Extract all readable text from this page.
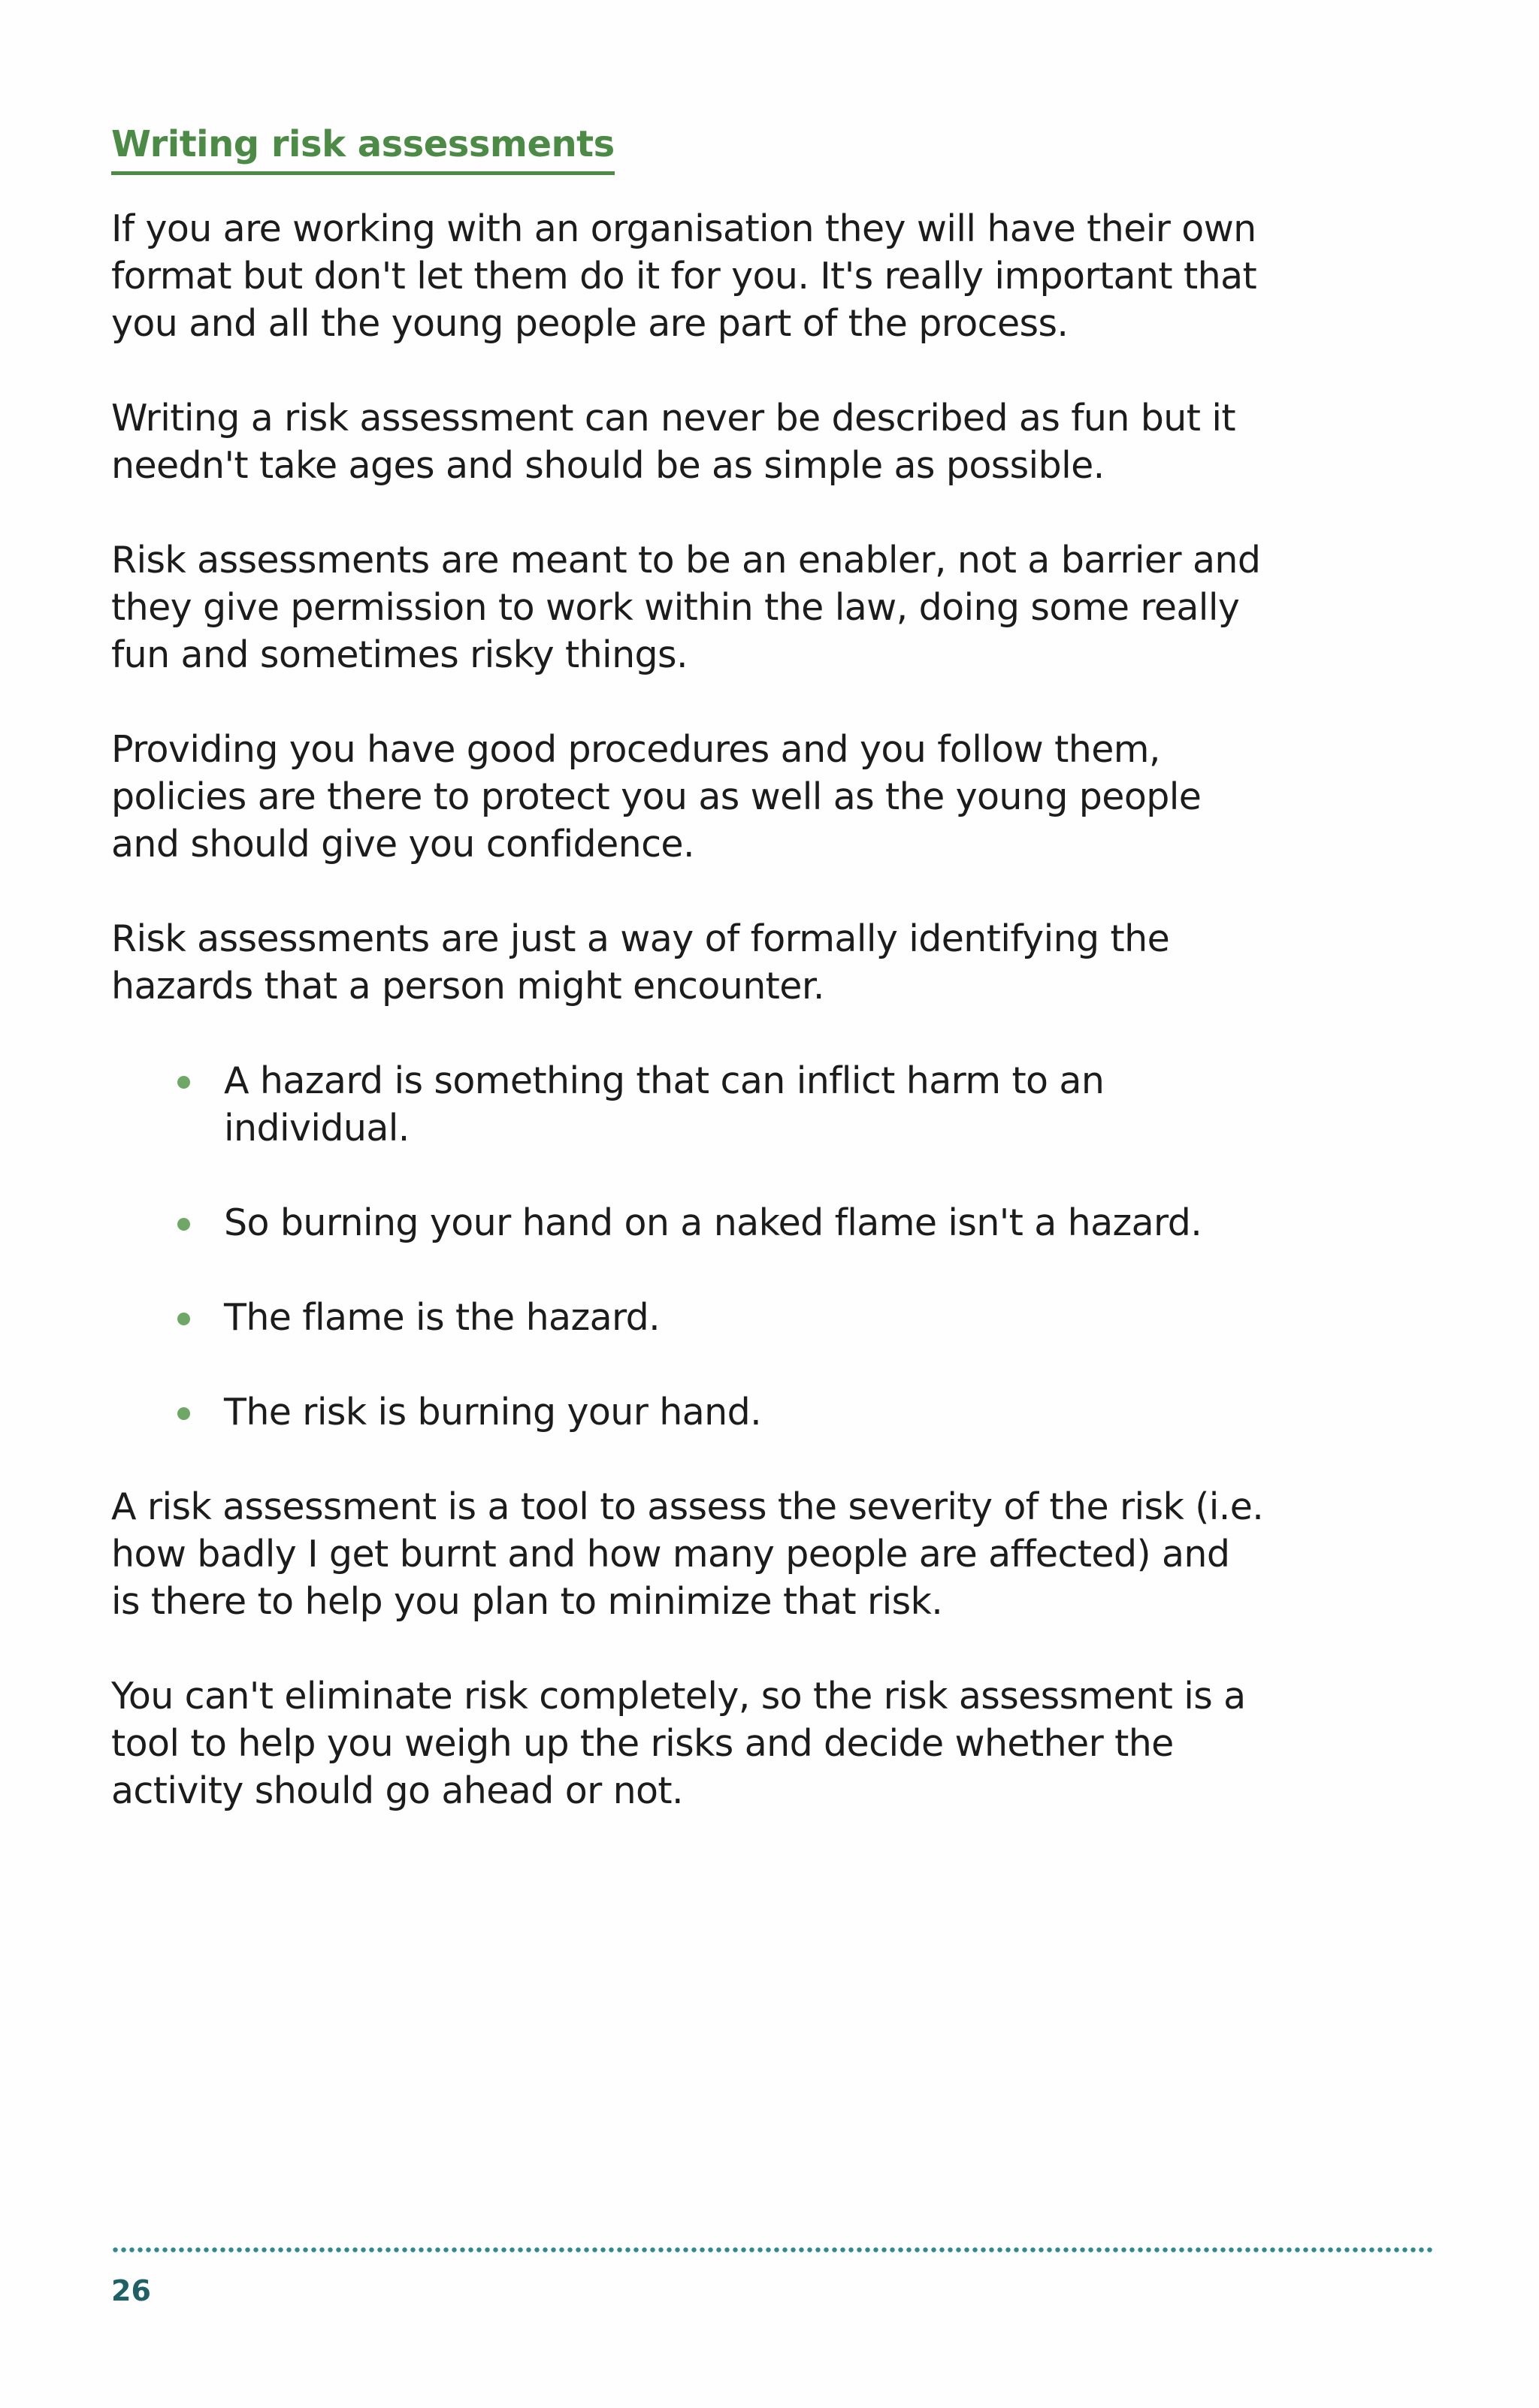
Writing risk assessments

If you are working with an organisation they will have their own format but don't let them do it for you. It's really important that you and all the young people are part of the process.

Writing a risk assessment can never be described as fun but it needn't take ages and should be as simple as possible.

Risk assessments are meant to be an enabler, not a barrier and they give permission to work within the law, doing some really fun and sometimes risky things.

Providing you have good procedures and you follow them, policies are there to protect you as well as the young people and should give you confidence.

Risk assessments are just a way of formally identifying the hazards that a person might encounter.

A hazard is something that can inflict harm to an individual.
So burning your hand on a naked flame isn't a hazard.
The flame is the hazard.
The risk is burning your hand.

A risk assessment is a tool to assess the severity of the risk (i.e. how badly I get burnt and how many people are affected) and is there to help you plan to minimize that risk.

You can't eliminate risk completely, so the risk assessment is a tool to help you weigh up the risks and decide whether the activity should go ahead or not.

26
